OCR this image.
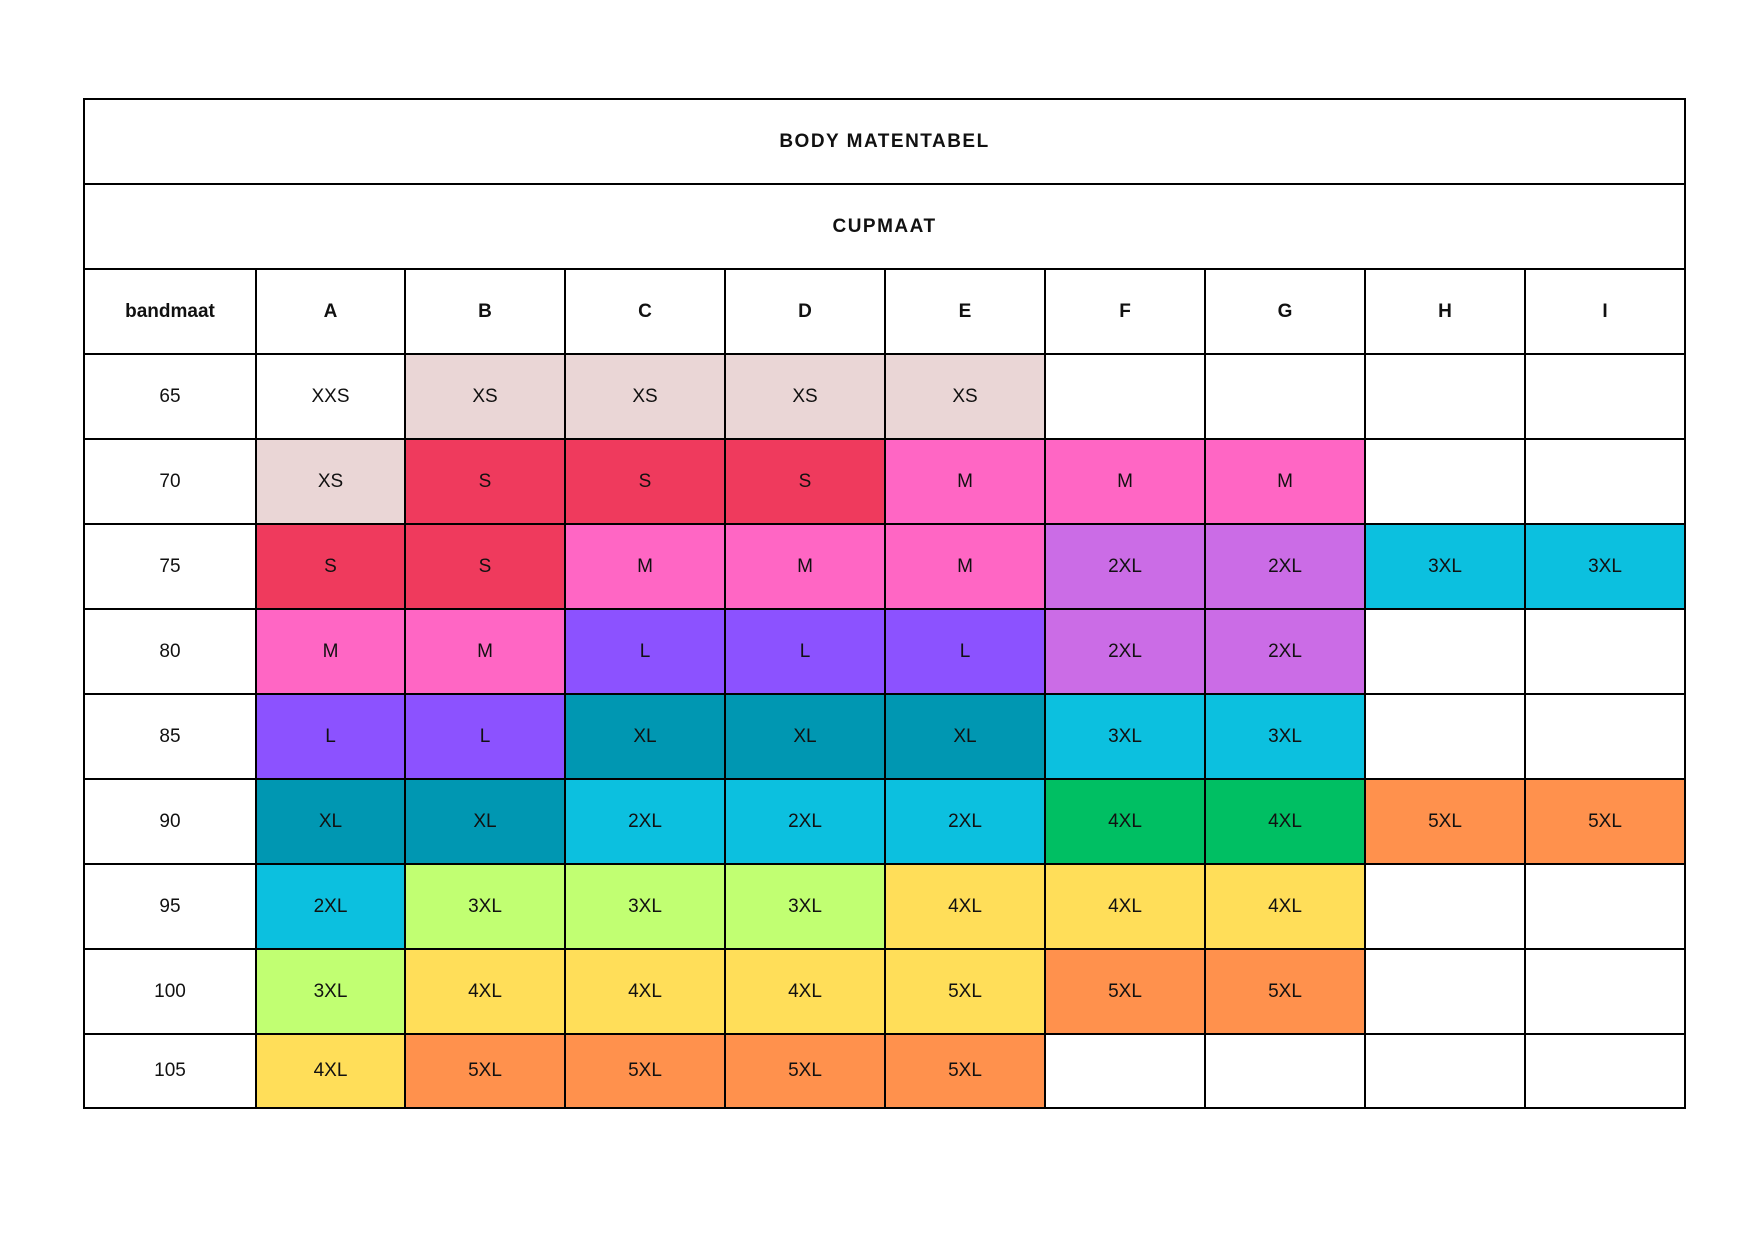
BODY MATENTABEL									
CUPMAAT									
bandmaat	A	B	C	D	E	F	G	H	I
65	XXS	XS	XS	XS	XS				
70	XS	S	S	S	M	M	M		
75	S	S	M	M	M	2XL	2XL	3XL	3XL
80	M	M	L	L	L	2XL	2XL		
85	L	L	XL	XL	XL	3XL	3XL		
90	XL	XL	2XL	2XL	2XL	4XL	4XL	5XL	5XL
95	2XL	3XL	3XL	3XL	4XL	4XL	4XL		
100	3XL	4XL	4XL	4XL	5XL	5XL	5XL		
105	4XL	5XL	5XL	5XL	5XL				
